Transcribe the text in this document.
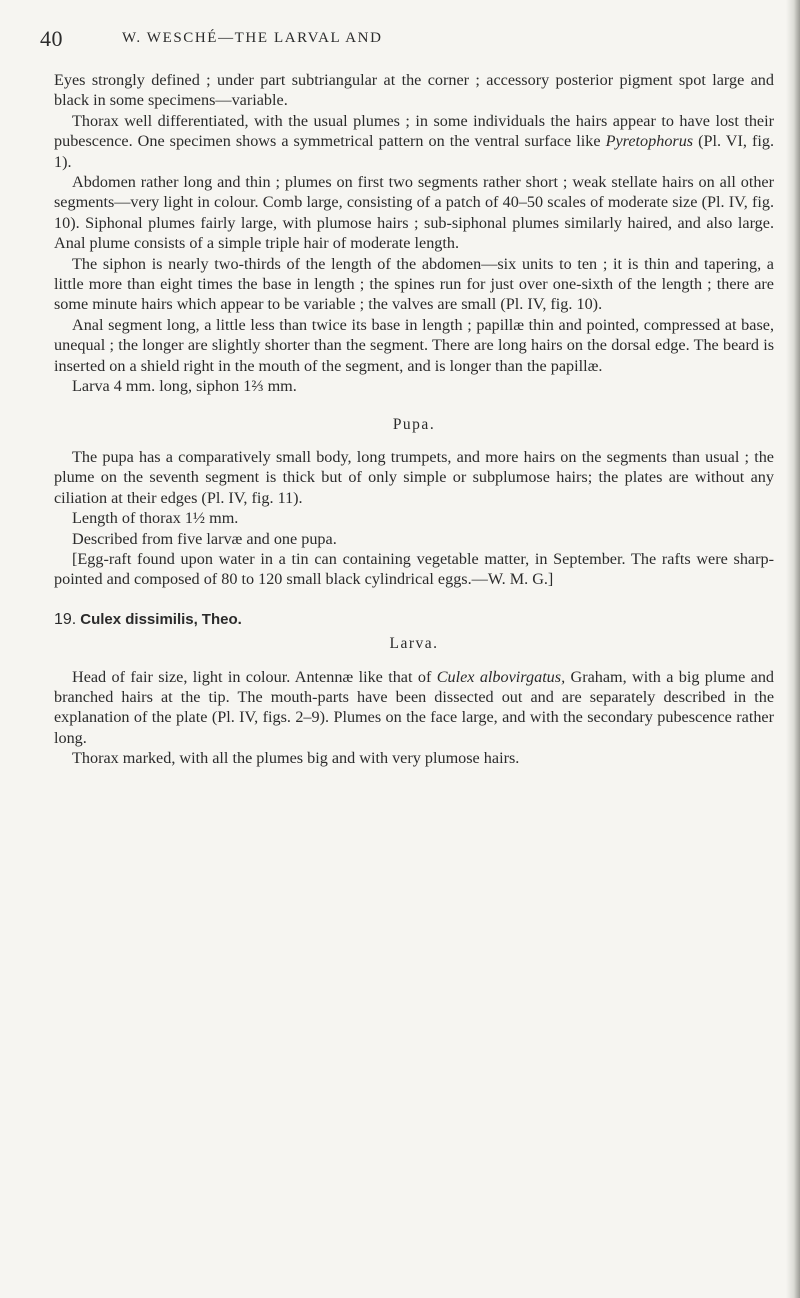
40	W. WESCHÉ—THE LARVAL AND

Eyes strongly defined ; under part subtriangular at the corner ; accessory posterior pigment spot large and black in some specimens—variable.

Thorax well differentiated, with the usual plumes ; in some individuals the hairs appear to have lost their pubescence. One specimen shows a symmetrical pattern on the ventral surface like Pyretophorus (Pl. VI, fig. 1).

Abdomen rather long and thin ; plumes on first two segments rather short ; weak stellate hairs on all other segments—very light in colour. Comb large, consisting of a patch of 40–50 scales of moderate size (Pl. IV, fig. 10). Siphonal plumes fairly large, with plumose hairs ; sub-siphonal plumes similarly haired, and also large. Anal plume consists of a simple triple hair of moderate length.

The siphon is nearly two-thirds of the length of the abdomen—six units to ten ; it is thin and tapering, a little more than eight times the base in length ; the spines run for just over one-sixth of the length ; there are some minute hairs which appear to be variable ; the valves are small (Pl. IV, fig. 10).

Anal segment long, a little less than twice its base in length ; papillæ thin and pointed, compressed at base, unequal ; the longer are slightly shorter than the segment. There are long hairs on the dorsal edge. The beard is inserted on a shield right in the mouth of the segment, and is longer than the papillæ.

Larva 4 mm. long, siphon 1⅔ mm.

Pupa.

The pupa has a comparatively small body, long trumpets, and more hairs on the segments than usual ; the plume on the seventh segment is thick but of only simple or subplumose hairs; the plates are without any ciliation at their edges (Pl. IV, fig. 11).

Length of thorax 1½ mm.

Described from five larvæ and one pupa.

[Egg-raft found upon water in a tin can containing vegetable matter, in September. The rafts were sharp-pointed and composed of 80 to 120 small black cylindrical eggs.—W. M. G.]

19. Culex dissimilis, Theo.
Larva.

Head of fair size, light in colour. Antennæ like that of Culex albovirgatus, Graham, with a big plume and branched hairs at the tip. The mouth-parts have been dissected out and are separately described in the explanation of the plate (Pl. IV, figs. 2–9). Plumes on the face large, and with the secondary pubescence rather long.

Thorax marked, with all the plumes big and with very plumose hairs.
